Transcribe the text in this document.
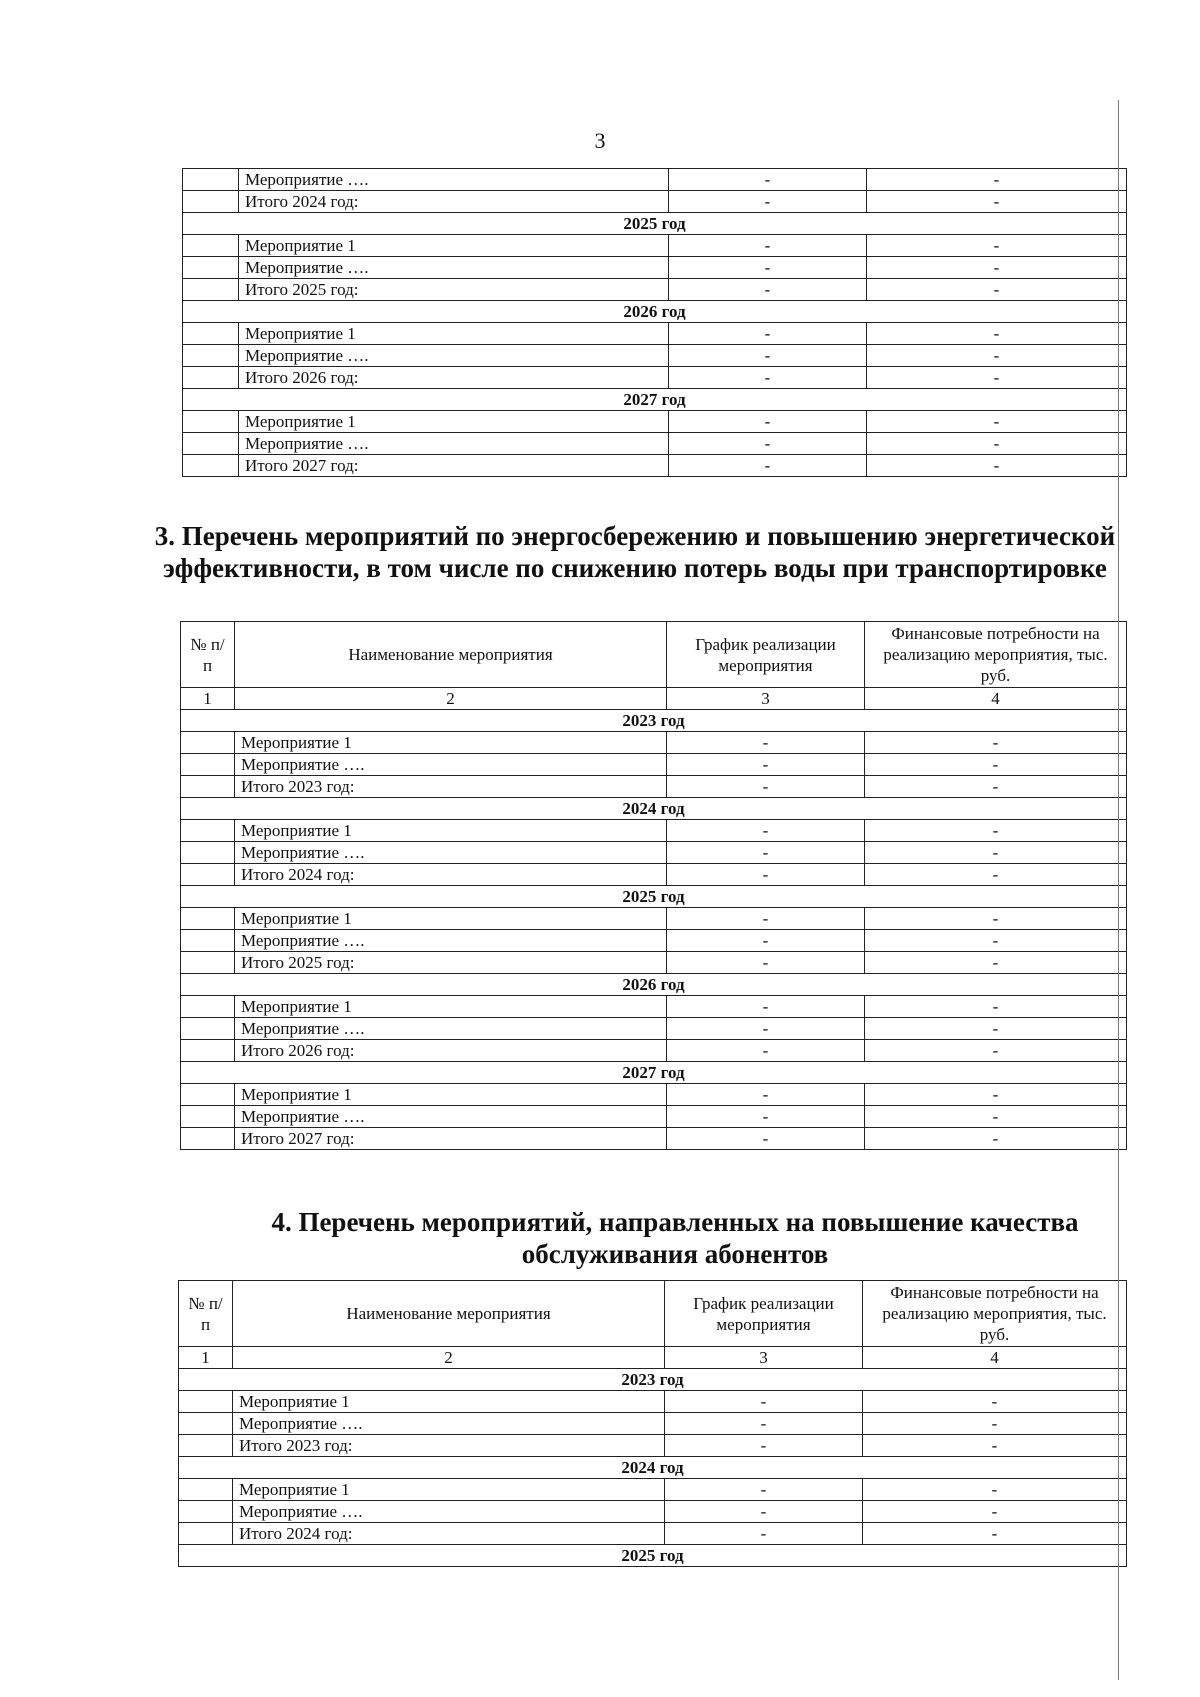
3
	Мероприятие ….	-	-
	Итого 2024 год:	-	-
2025 год			
	Мероприятие 1	-	-
	Мероприятие ….	-	-
	Итого 2025 год:	-	-
2026 год			
	Мероприятие 1	-	-
	Мероприятие ….	-	-
	Итого 2026 год:	-	-
2027 год			
	Мероприятие 1	-	-
	Мероприятие ….	-	-
	Итого 2027 год:	-	-
3. Перечень мероприятий по энергосбережению и повышению энергетической эффективности, в том числе по снижению потерь воды при транспортировке
№ п/п	Наименование мероприятия	График реализации мероприятия	Финансовые потребности на реализацию мероприятия, тыс. руб.
1	2	3	4
2023 год			
	Мероприятие 1	-	-
	Мероприятие ….	-	-
	Итого 2023 год:	-	-
2024 год			
	Мероприятие 1	-	-
	Мероприятие ….	-	-
	Итого 2024 год:	-	-
2025 год			
	Мероприятие 1	-	-
	Мероприятие ….	-	-
	Итого 2025 год:	-	-
2026 год			
	Мероприятие 1	-	-
	Мероприятие ….	-	-
	Итого 2026 год:	-	-
2027 год			
	Мероприятие 1	-	-
	Мероприятие ….	-	-
	Итого 2027 год:	-	-
4. Перечень мероприятий, направленных на повышение качества обслуживания абонентов
№ п/п	Наименование мероприятия	График реализации мероприятия	Финансовые потребности на реализацию мероприятия, тыс. руб.
1	2	3	4
2023 год			
	Мероприятие 1	-	-
	Мероприятие ….	-	-
	Итого 2023 год:	-	-
2024 год			
	Мероприятие 1	-	-
	Мероприятие ….	-	-
	Итого 2024 год:	-	-
2025 год			
